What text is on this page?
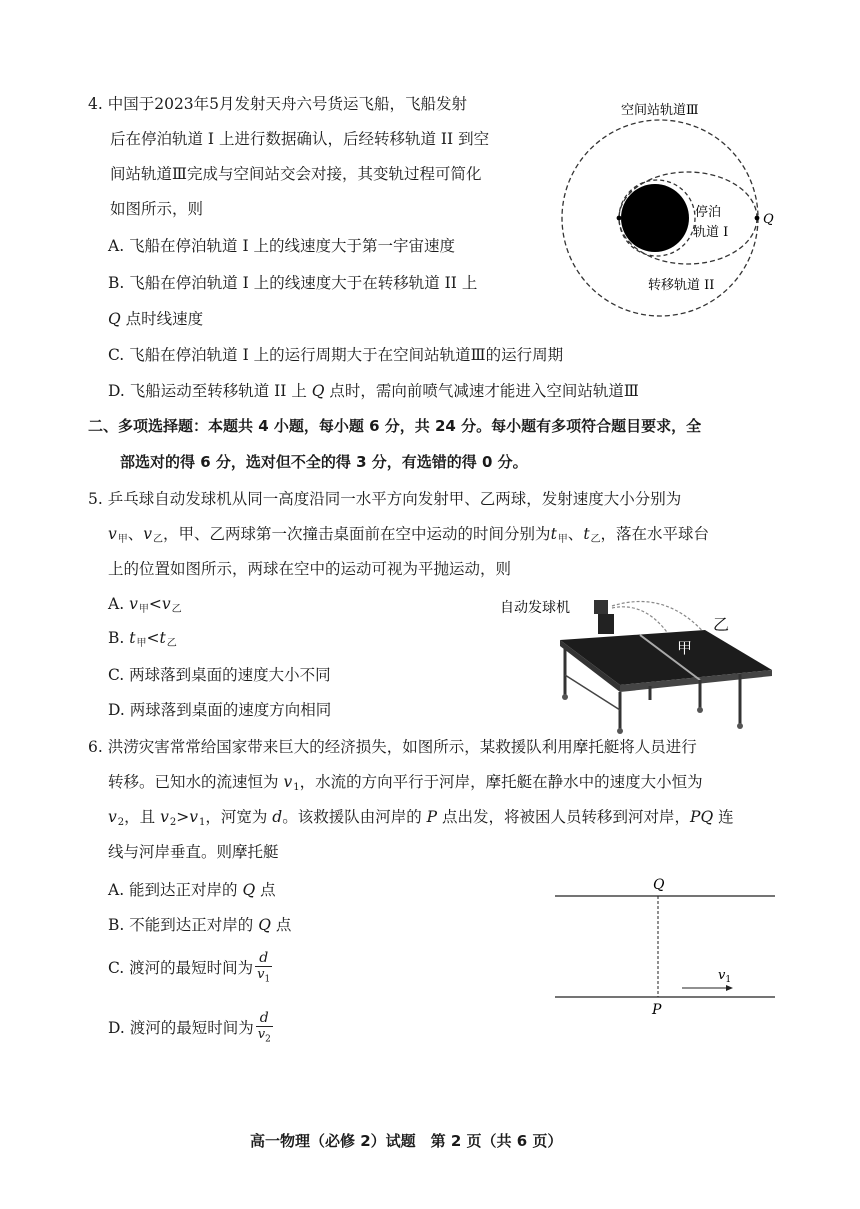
4. 中国于2023年5月发射天舟六号货运飞船，飞船发射
后在停泊轨道 I 上进行数据确认，后经转移轨道 II 到空
间站轨道Ⅲ完成与空间站交会对接，其变轨过程可简化
如图所示，则
A. 飞船在停泊轨道 I 上的线速度大于第一宇宙速度
B. 飞船在停泊轨道 I 上的线速度大于在转移轨道 II 上
Q 点时线速度
C. 飞船在停泊轨道 I 上的运行周期大于在空间站轨道Ⅲ的运行周期
D. 飞船运动至转移轨道 II 上 Q 点时，需向前喷气减速才能进入空间站轨道Ⅲ
空间站轨道Ⅲ
停泊
轨道 I
Q
转移轨道 II
二、多项选择题：本题共 4 小题，每小题 6 分，共 24 分。每小题有多项符合题目要求，全
部选对的得 6 分，选对但不全的得 3 分，有选错的得 0 分。
5. 乒乓球自动发球机从同一高度沿同一水平方向发射甲、乙两球，发射速度大小分别为
$v_甲$、$v_乙$，甲、乙两球第一次撞击桌面前在空中运动的时间分别为$t_甲$、$t_乙$，落在水平球台
上的位置如图所示，两球在空中的运动可视为平抛运动，则
A. $v_甲<v_乙$
B. $t_甲<t_乙$
C. 两球落到桌面的速度大小不同
D. 两球落到桌面的速度方向相同
自动发球机
乙
甲
6. 洪涝灾害常常给国家带来巨大的经济损失，如图所示，某救援队利用摩托艇将人员进行
转移。已知水的流速恒为 $v_1$，水流的方向平行于河岸，摩托艇在静水中的速度大小恒为
$v_2$，且 $v_2>v_1$，河宽为 d。该救援队由河岸的 P 点出发，将被困人员转移到河对岸，PQ 连
线与河岸垂直。则摩托艇
A. 能到达正对岸的 Q 点
B. 不能到达正对岸的 Q 点
C. 渡河的最短时间为 $\frac{d}{v_1}$
D. 渡河的最短时间为 $\frac{d}{v_2}$
Q
P
$v_1$
高一物理（必修 2）试题　第 2 页（共 6 页）
